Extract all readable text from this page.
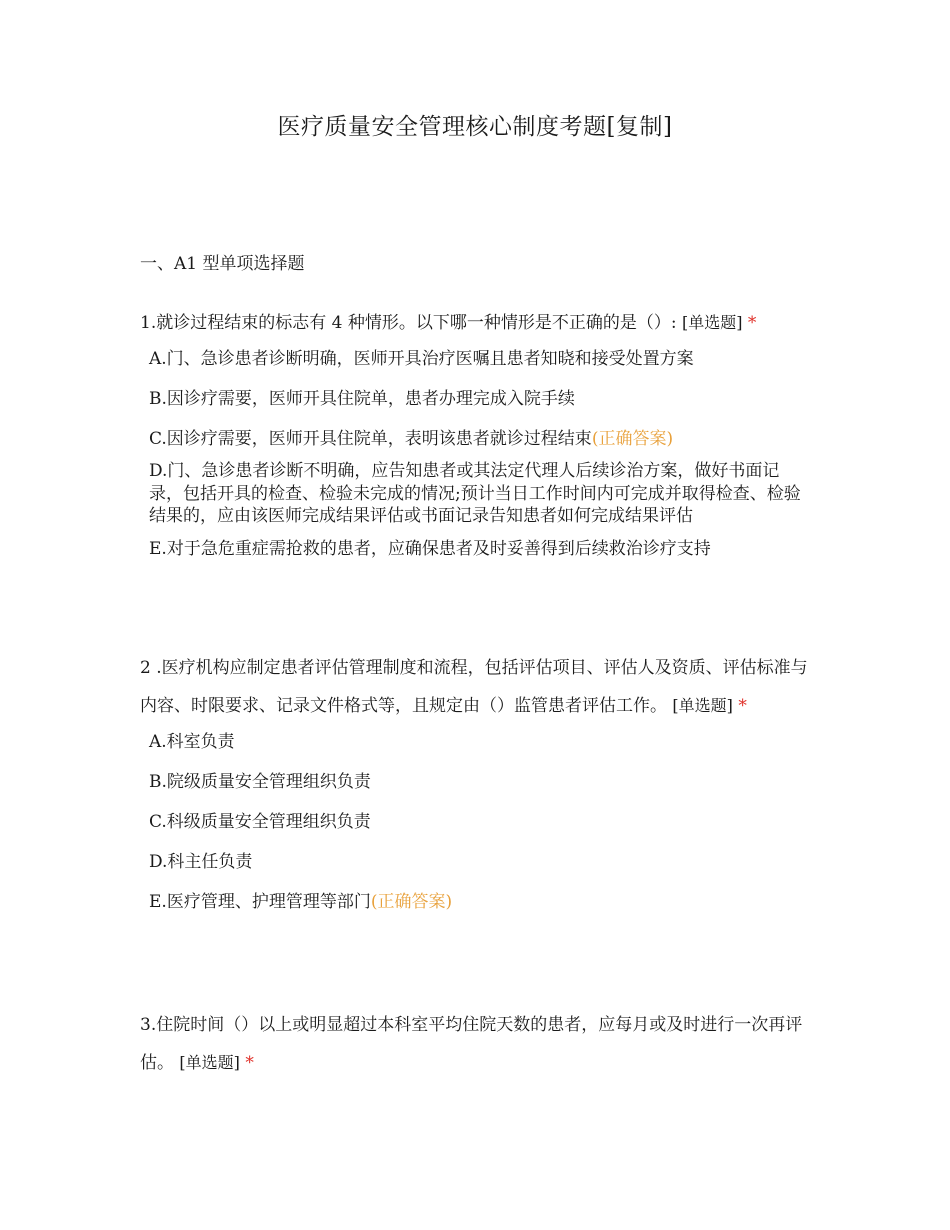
医疗质量安全管理核心制度考题[复制]
一、A1 型单项选择题
1.就诊过程结束的标志有 4 种情形。以下哪一种情形是不正确的是（）: [单选题] *
A.门、急诊患者诊断明确，医师开具治疗医嘱且患者知晓和接受处置方案
B.因诊疗需要，医师开具住院单，患者办理完成入院手续
C.因诊疗需要，医师开具住院单，表明该患者就诊过程结束(正确答案)
D.门、急诊患者诊断不明确，应告知患者或其法定代理人后续诊治方案，做好书面记录，包括开具的检查、检验未完成的情况;预计当日工作时间内可完成并取得检查、检验结果的，应由该医师完成结果评估或书面记录告知患者如何完成结果评估
E.对于急危重症需抢救的患者，应确保患者及时妥善得到后续救治诊疗支持
2 .医疗机构应制定患者评估管理制度和流程，包括评估项目、评估人及资质、评估标准与内容、时限要求、记录文件格式等，且规定由（）监管患者评估工作。 [单选题] *
A.科室负责
B.院级质量安全管理组织负责
C.科级质量安全管理组织负责
D.科主任负责
E.医疗管理、护理管理等部门(正确答案)
3.住院时间（）以上或明显超过本科室平均住院天数的患者，应每月或及时进行一次再评估。 [单选题] *
